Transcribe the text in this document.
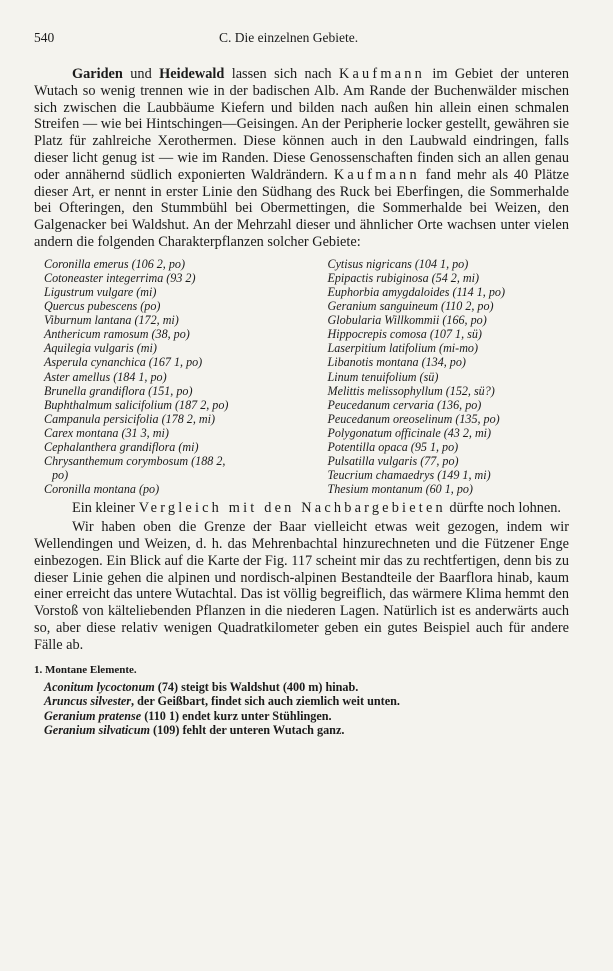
540	C. Die einzelnen Gebiete.

Gariden und Heidewald lassen sich nach Kaufmann im Gebiet der unteren Wutach so wenig trennen wie in der badischen Alb. Am Rande der Buchenwälder mischen sich zwischen die Laubbäume Kiefern und bilden nach außen hin allein einen schmalen Streifen — wie bei Hintschingen—Geisingen. An der Peripherie locker gestellt, gewähren sie Platz für zahlreiche Xerothermen. Diese können auch in den Laubwald eindringen, falls dieser licht genug ist — wie im Randen. Diese Genossenschaften finden sich an allen genau oder annähernd südlich exponierten Waldrändern. Kaufmann fand mehr als 40 Plätze dieser Art, er nennt in erster Linie den Südhang des Ruck bei Eberfingen, die Sommerhalde bei Ofteringen, den Stummbühl bei Obermettingen, die Sommerhalde bei Weizen, den Galgenacker bei Waldshut. An der Mehrzahl dieser und ähnlicher Orte wachsen unter vielen andern die folgenden Charakterpflanzen solcher Gebiete:

Coronilla emerus (106 2, po)
Cotoneaster integerrima (93 2)
Ligustrum vulgare (mi)
Quercus pubescens (po)
Viburnum lantana (172, mi)
Anthericum ramosum (38, po)
Aquilegia vulgaris (mi)
Asperula cynanchica (167 1, po)
Aster amellus (184 1, po)
Brunella grandiflora (151, po)
Buphthalmum salicifolium (187 2, po)
Campanula persicifolia (178 2, mi)
Carex montana (31 3, mi)
Cephalanthera grandiflora (mi)
Chrysanthemum corymbosum (188 2,
po)
Coronilla montana (po)
Cytisus nigricans (104 1, po)
Epipactis rubiginosa (54 2, mi)
Euphorbia amygdaloides (114 1, po)
Geranium sanguineum (110 2, po)
Globularia Willkommii (166, po)
Hippocrepis comosa (107 1, sü)
Laserpitium latifolium (mi-mo)
Libanotis montana (134, po)
Linum tenuifolium (sü)
Melittis melissophyllum (152, sü?)
Peucedanum cervaria (136, po)
Peucedanum oreoselinum (135, po)
Polygonatum officinale (43 2, mi)
Potentilla opaca (95 1, po)
Pulsatilla vulgaris (77, po)
Teucrium chamaedrys (149 1, mi)
Thesium montanum (60 1, po)

Ein kleiner Vergleich mit den Nachbargebieten dürfte noch lohnen.

Wir haben oben die Grenze der Baar vielleicht etwas weit gezogen, indem wir Wellendingen und Weizen, d. h. das Mehrenbachtal hinzurechneten und die Fützener Enge einbezogen. Ein Blick auf die Karte der Fig. 117 scheint mir das zu rechtfertigen, denn bis zu dieser Linie gehen die alpinen und nordisch-alpinen Bestandteile der Baarflora hinab, kaum einer erreicht das untere Wutachtal. Das ist völlig begreiflich, das wärmere Klima hemmt den Vorstoß von kälteliebenden Pflanzen in die niederen Lagen. Natürlich ist es anderwärts auch so, aber diese relativ wenigen Quadratkilometer geben ein gutes Beispiel auch für andere Fälle ab.

1. Montane Elemente.
Aconitum lycoctonum (74) steigt bis Waldshut (400 m) hinab.
Aruncus silvester, der Geißbart, findet sich auch ziemlich weit unten.
Geranium pratense (110 1) endet kurz unter Stühlingen.
Geranium silvaticum (109) fehlt der unteren Wutach ganz.
